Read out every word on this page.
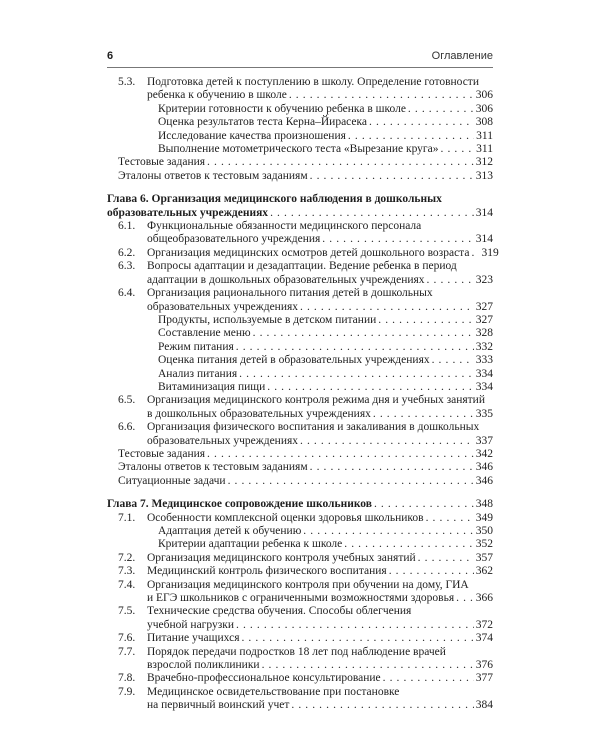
6	Оглавление
5.3.	Подготовка детей к поступлению в школу. Определение готовности
ребенка к обучению в школе . . .	306
Критерии готовности к обучению ребенка в школе . . .	306
Оценка результатов теста Керна–Йирасека . . .	308
Исследование качества произношения . . .	311
Выполнение мотометрического теста «Вырезание круга» . . .	311
Тестовые задания . . .	312
Эталоны ответов к тестовым заданиям . . .	313
Глава 6. Организация медицинского наблюдения в дошкольных
образовательных учреждениях . . .	314
6.1.	Функциональные обязанности медицинского персонала
общеобразовательного учреждения . . .	314
6.2.	Организация медицинских осмотров детей дошкольного возраста . . . 319
6.3.	Вопросы адаптации и дезадаптации. Ведение ребенка в период
адаптации в дошкольных образовательных учреждениях . . .	323
6.4.	Организация рационального питания детей в дошкольных
образовательных учреждениях . . .	327
Продукты, используемые в детском питании . . .	327
Составление меню . . .	328
Режим питания . . .	332
Оценка питания детей в образовательных учреждениях . . .	333
Анализ питания . . .	334
Витаминизация пищи . . .	334
6.5.	Организация медицинского контроля режима дня и учебных занятий
в дошкольных образовательных учреждениях . . .	335
6.6.	Организация физического воспитания и закаливания в дошкольных
образовательных учреждениях . . .	337
Тестовые задания . . .	342
Эталоны ответов к тестовым заданиям . . .	346
Ситуационные задачи . . .	346
Глава 7. Медицинское сопровождение школьников . . .	348
7.1.	Особенности комплексной оценки здоровья школьников . . .	349
Адаптация детей к обучению . . .	350
Критерии адаптации ребенка к школе . . .	352
7.2.	Организация медицинского контроля учебных занятий . . .	357
7.3.	Медицинский контроль физического воспитания . . .	362
7.4.	Организация медицинского контроля при обучении на дому, ГИА
и ЕГЭ школьников с ограниченными возможностями здоровья . . . 366
7.5.	Технические средства обучения. Способы облегчения
учебной нагрузки . . .	372
7.6.	Питание учащихся . . .	374
7.7.	Порядок передачи подростков 18 лет под наблюдение врачей
взрослой поликлиники . . .	376
7.8.	Врачебно-профессиональное консультирование . . .	377
7.9.	Медицинское освидетельствование при постановке
на первичный воинский учет . . .	384
